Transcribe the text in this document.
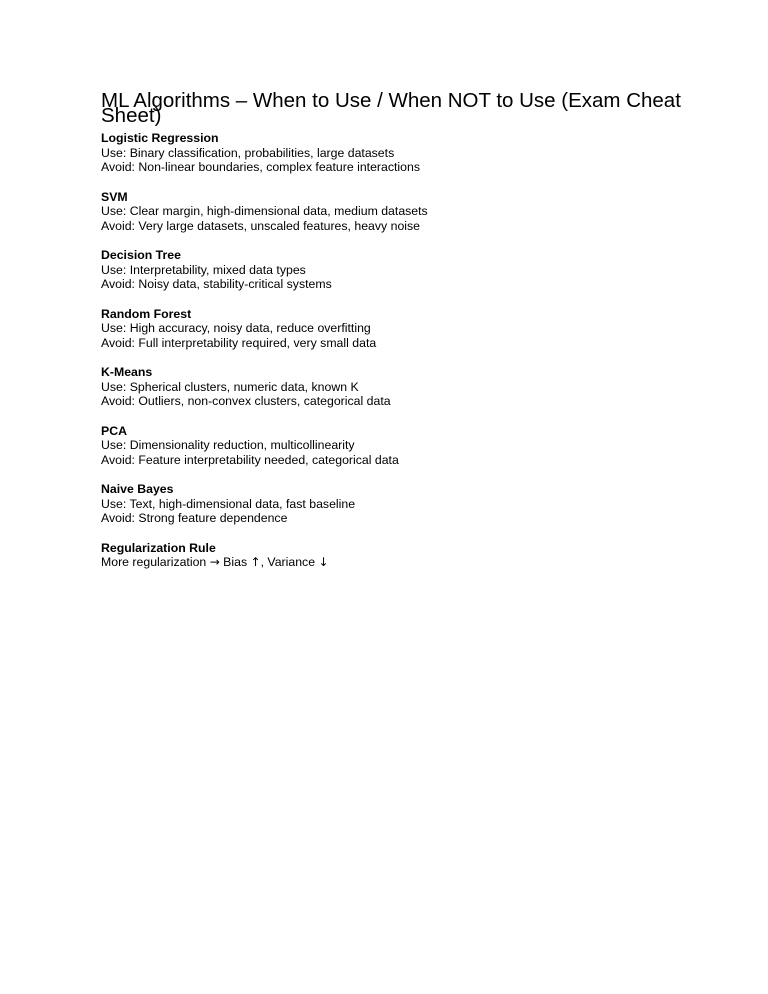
ML Algorithms – When to Use / When NOT to Use (Exam Cheat Sheet)
Logistic Regression
Use: Binary classification, probabilities, large datasets
Avoid: Non-linear boundaries, complex feature interactions
SVM
Use: Clear margin, high-dimensional data, medium datasets
Avoid: Very large datasets, unscaled features, heavy noise
Decision Tree
Use: Interpretability, mixed data types
Avoid: Noisy data, stability-critical systems
Random Forest
Use: High accuracy, noisy data, reduce overfitting
Avoid: Full interpretability required, very small data
K-Means
Use: Spherical clusters, numeric data, known K
Avoid: Outliers, non-convex clusters, categorical data
PCA
Use: Dimensionality reduction, multicollinearity
Avoid: Feature interpretability needed, categorical data
Naive Bayes
Use: Text, high-dimensional data, fast baseline
Avoid: Strong feature dependence
Regularization Rule
More regularization → Bias ↑, Variance ↓
